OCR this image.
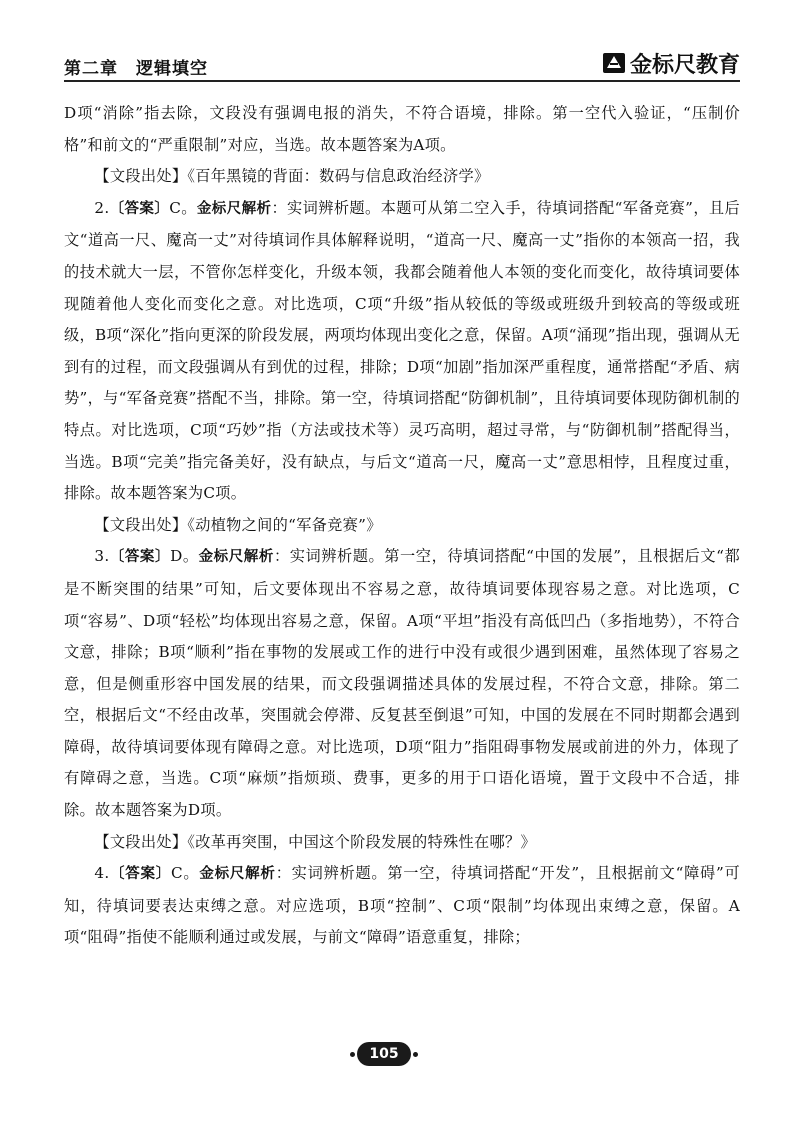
第二章　逻辑填空	金标尺教育

D项“消除”指去除，文段没有强调电报的消失，不符合语境，排除。第一空代入验证，“压制价格”和前文的“严重限制”对应，当选。故本题答案为A项。

【文段出处】《百年黑镜的背面：数码与信息政治经济学》

2.〔答案〕C。金标尺解析：实词辨析题。本题可从第二空入手，待填词搭配“军备竞赛”，且后文“道高一尺、魔高一丈”对待填词作具体解释说明，“道高一尺、魔高一丈”指你的本领高一招，我的技术就大一层，不管你怎样变化，升级本领，我都会随着他人本领的变化而变化，故待填词要体现随着他人变化而变化之意。对比选项，C项“升级”指从较低的等级或班级升到较高的等级或班级，B项“深化”指向更深的阶段发展，两项均体现出变化之意，保留。A项“涌现”指出现，强调从无到有的过程，而文段强调从有到优的过程，排除；D项“加剧”指加深严重程度，通常搭配“矛盾、病势”，与“军备竞赛”搭配不当，排除。第一空，待填词搭配“防御机制”，且待填词要体现防御机制的特点。对比选项，C项“巧妙”指（方法或技术等）灵巧高明，超过寻常，与“防御机制”搭配得当，当选。B项“完美”指完备美好，没有缺点，与后文“道高一尺，魔高一丈”意思相悖，且程度过重，排除。故本题答案为C项。

【文段出处】《动植物之间的“军备竞赛”》

3.〔答案〕D。金标尺解析：实词辨析题。第一空，待填词搭配“中国的发展”，且根据后文“都是不断突围的结果”可知，后文要体现出不容易之意，故待填词要体现容易之意。对比选项，C项“容易”、D项“轻松”均体现出容易之意，保留。A项“平坦”指没有高低凹凸（多指地势），不符合文意，排除；B项“顺利”指在事物的发展或工作的进行中没有或很少遇到困难，虽然体现了容易之意，但是侧重形容中国发展的结果，而文段强调描述具体的发展过程，不符合文意，排除。第二空，根据后文“不经由改革，突围就会停滞、反复甚至倒退”可知，中国的发展在不同时期都会遇到障碍，故待填词要体现有障碍之意。对比选项，D项“阻力”指阻碍事物发展或前进的外力，体现了有障碍之意，当选。C项“麻烦”指烦琐、费事，更多的用于口语化语境，置于文段中不合适，排除。故本题答案为D项。

【文段出处】《改革再突围，中国这个阶段发展的特殊性在哪？》

4.〔答案〕C。金标尺解析：实词辨析题。第一空，待填词搭配“开发”，且根据前文“障碍”可知，待填词要表达束缚之意。对应选项，B项“控制”、C项“限制”均体现出束缚之意，保留。A项“阻碍”指使不能顺利通过或发展，与前文“障碍”语意重复，排除；

105
